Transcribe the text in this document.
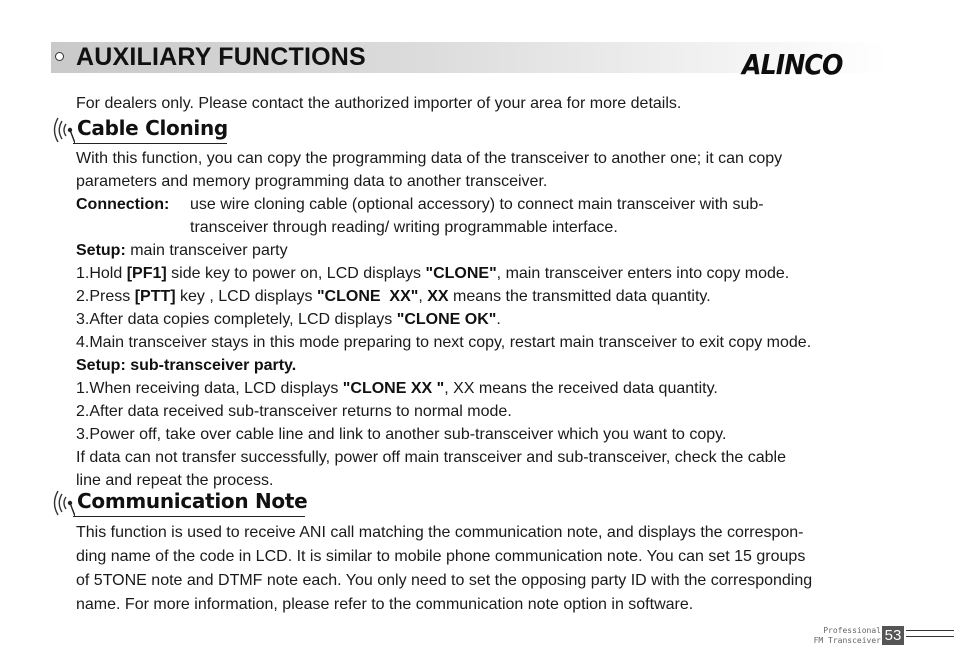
AUXILIARY FUNCTIONS	ALINCO
For dealers only. Please contact the authorized importer of your area for more details.
Cable Cloning
With this function, you can copy the programming data of the transceiver to another one; it can copy
parameters and memory programming data to another transceiver.
Connection: use wire cloning cable (optional accessory) to connect main transceiver with sub-
transceiver through reading/ writing programmable interface.
Setup: main transceiver party
1.Hold [PF1] side key to power on, LCD displays "CLONE", main transceiver enters into copy mode.
2.Press [PTT] key , LCD displays "CLONE  XX", XX means the transmitted data quantity.
3.After data copies completely, LCD displays "CLONE OK".
4.Main transceiver stays in this mode preparing to next copy, restart main transceiver to exit copy mode.
Setup: sub-transceiver party.
1.When receiving data, LCD displays "CLONE XX ", XX means the received data quantity.
2.After data received sub-transceiver returns to normal mode.
3.Power off, take over cable line and link to another sub-transceiver which you want to copy.
If data can not transfer successfully, power off main transceiver and sub-transceiver, check the cable
line and repeat the process.
Communication Note
This function is used to receive ANI call matching the communication note, and displays the correspon-
ding name of the code in LCD. It is similar to mobile phone communication note. You can set 15 groups
of 5TONE note and DTMF note each. You only need to set the opposing party ID with the corresponding
name. For more information, please refer to the communication note option in software.
Professional
FM Transceiver 53
